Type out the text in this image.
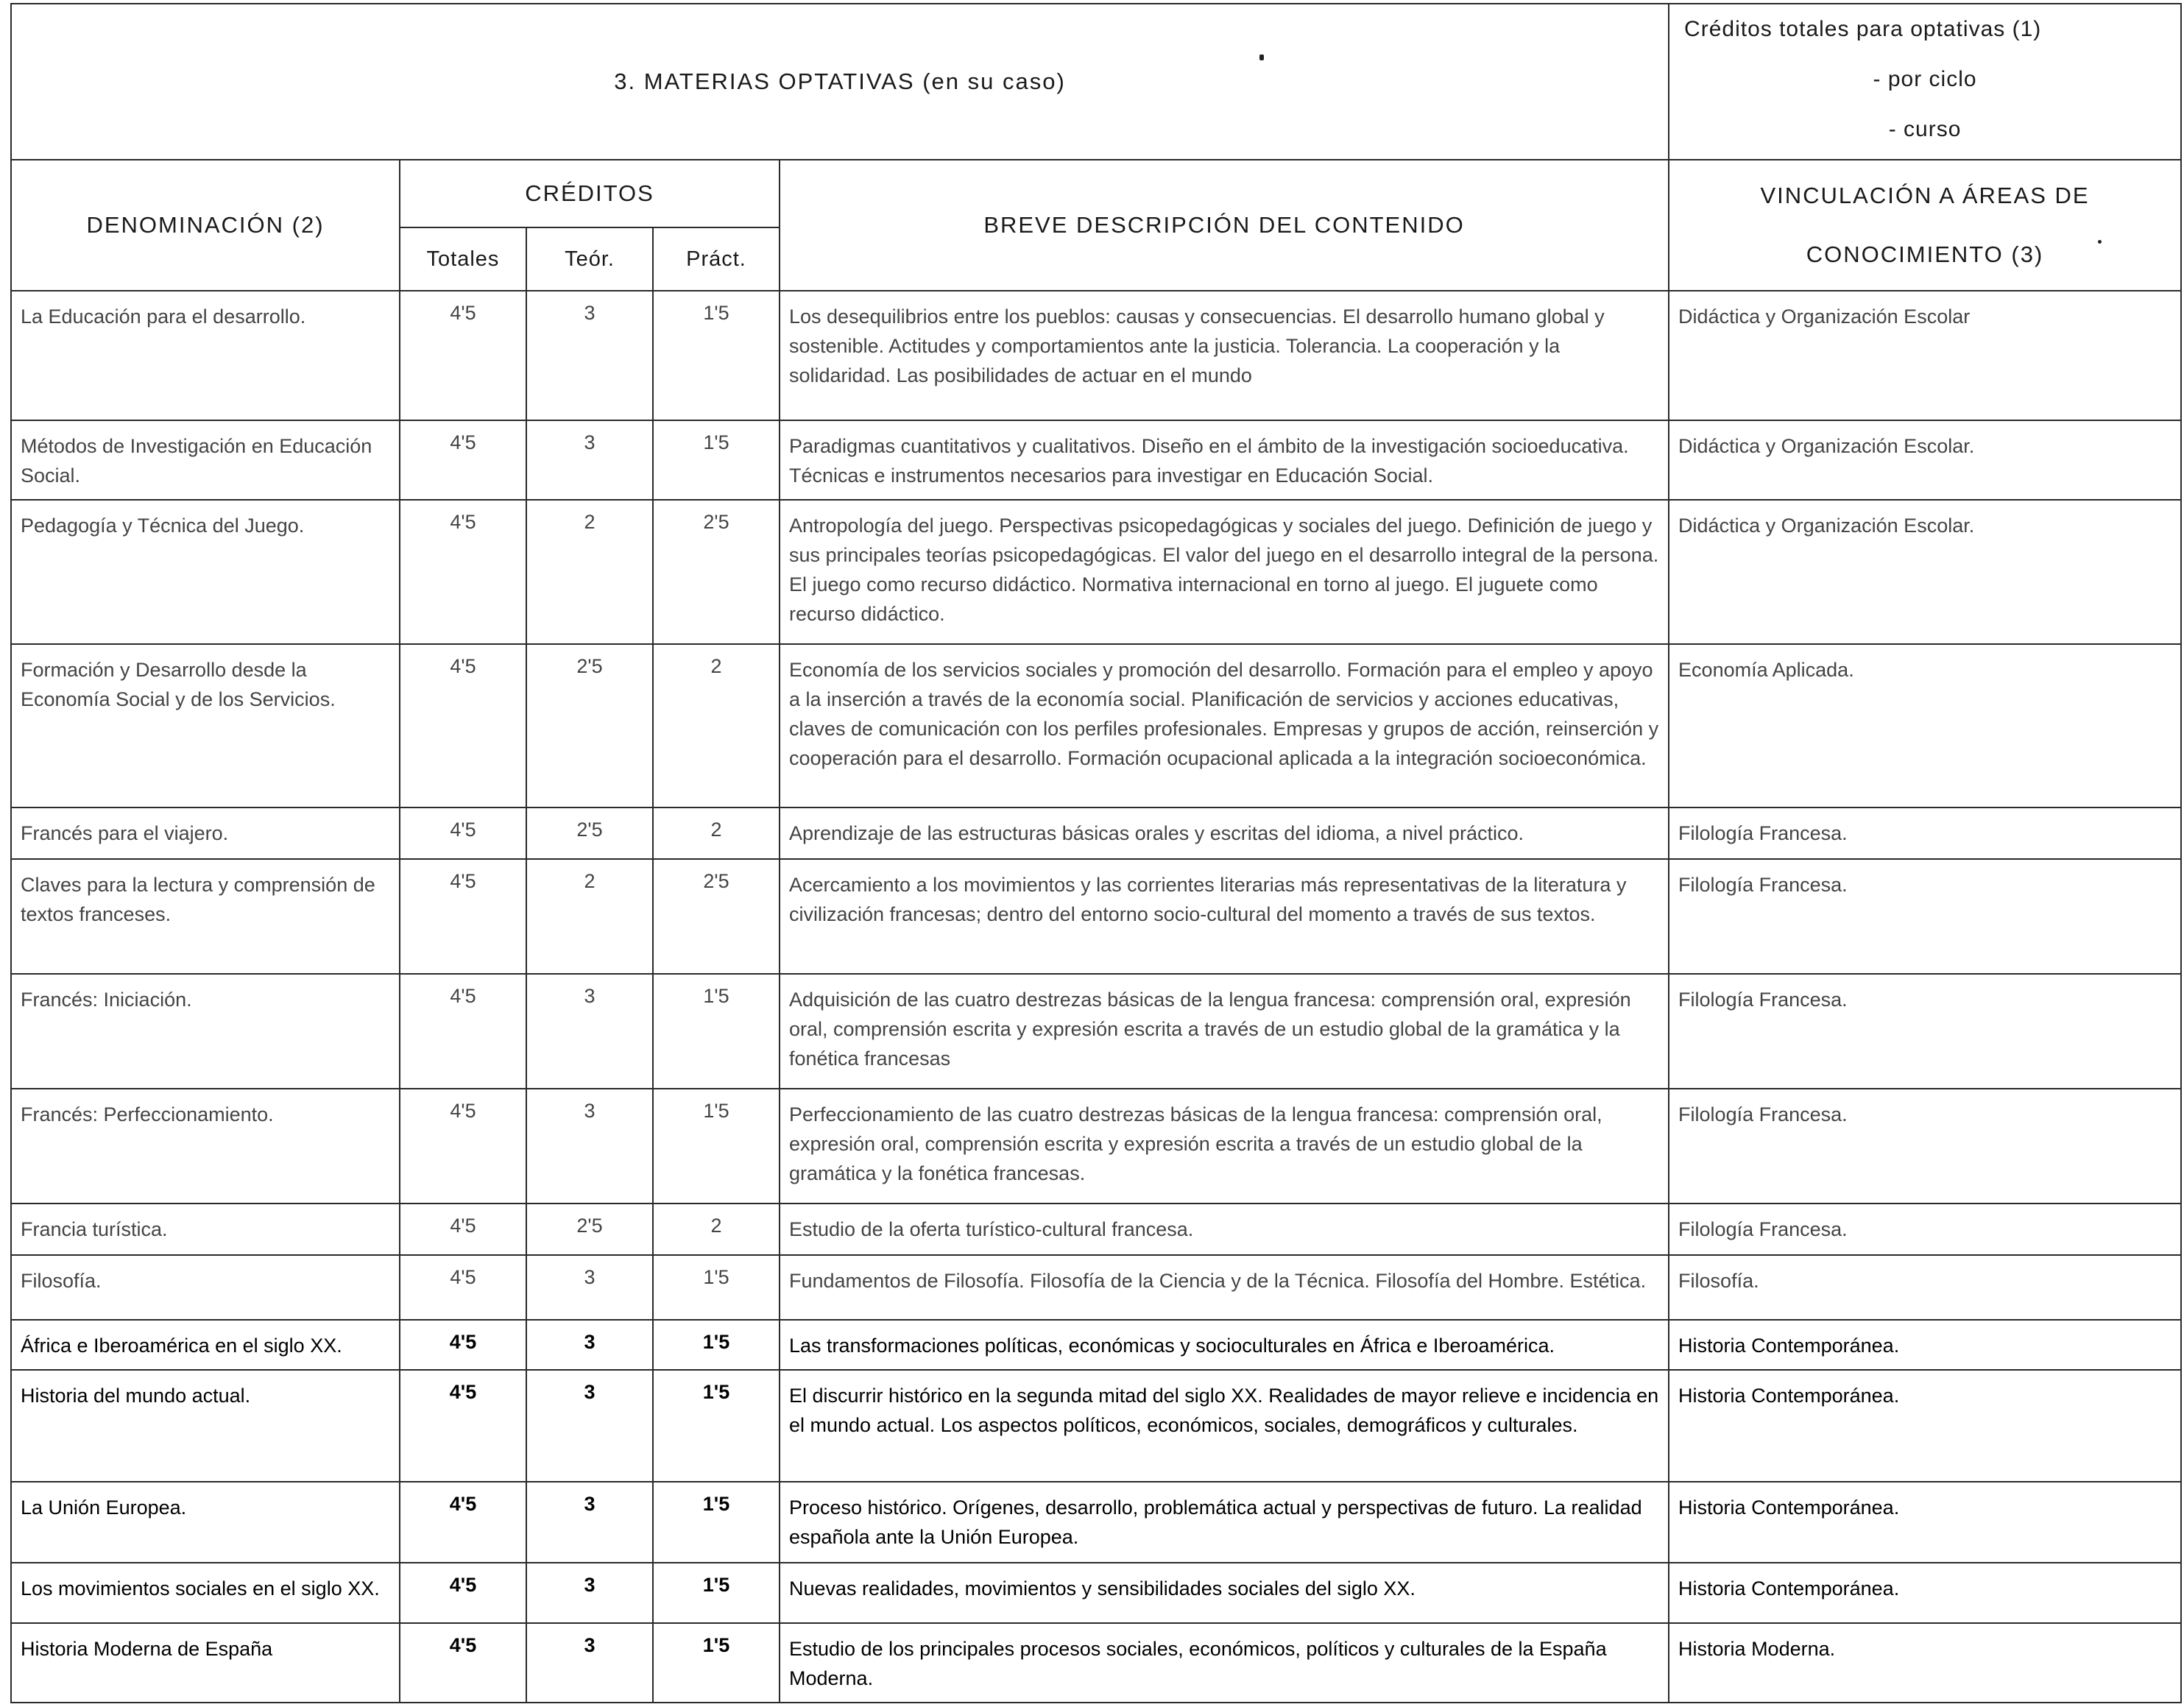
3. MATERIAS OPTATIVAS (en su caso)					Créditos totales para optativas (1)
- por ciclo
- curso

DENOMINACIÓN (2)	CRÉDITOS			BREVE DESCRIPCIÓN DEL CONTENIDO	VINCULACIÓN A ÁREAS DE
CONOCIMIENTO (3)

	Totales	Teór.	Práct.		
La Educación para el desarrollo.	4'5	3	1'5	Los desequilibrios entre los pueblos: causas y consecuencias. El desarrollo humano global y sostenible. Actitudes y comportamientos ante la justicia. Tolerancia. La cooperación y la solidaridad. Las posibilidades de actuar en el mundo	Didáctica y Organización Escolar
Métodos de Investigación en Educación Social.	4'5	3	1'5	Paradigmas cuantitativos y cualitativos. Diseño en el ámbito de la investigación socioeducativa. Técnicas e instrumentos necesarios para investigar en Educación Social.	Didáctica y Organización Escolar.
Pedagogía y Técnica del Juego.	4'5	2	2'5	Antropología del juego. Perspectivas psicopedagógicas y sociales del juego. Definición de juego y sus principales teorías psicopedagógicas. El valor del juego en el desarrollo integral de la persona. El juego como recurso didáctico. Normativa internacional en torno al juego. El juguete como recurso didáctico.	Didáctica y Organización Escolar.
Formación y Desarrollo desde la Economía Social y de los Servicios.	4'5	2'5	2	Economía de los servicios sociales y promoción del desarrollo. Formación para el empleo y apoyo a la inserción a través de la economía social. Planificación de servicios y acciones educativas, claves de comunicación con los perfiles profesionales. Empresas y grupos de acción, reinserción y cooperación para el desarrollo. Formación ocupacional aplicada a la integración socioeconómica.	Economía Aplicada.
Francés para el viajero.	4'5	2'5	2	Aprendizaje de las estructuras básicas orales y escritas del idioma, a nivel práctico.	Filología Francesa.
Claves para la lectura y comprensión de textos franceses.	4'5	2	2'5	Acercamiento a los movimientos y las corrientes literarias más representativas de la literatura y civilización francesas; dentro del entorno socio-cultural del momento a través de sus textos.	Filología Francesa.
Francés: Iniciación.	4'5	3	1'5	Adquisición de las cuatro destrezas básicas de la lengua francesa: comprensión oral, expresión oral, comprensión escrita y expresión escrita a través de un estudio global de la gramática y la fonética francesas	Filología Francesa.
Francés: Perfeccionamiento.	4'5	3	1'5	Perfeccionamiento de las cuatro destrezas básicas de la lengua francesa: comprensión oral, expresión oral, comprensión escrita y expresión escrita a través de un estudio global de la gramática y la fonética francesas.	Filología Francesa.
Francia turística.	4'5	2'5	2	Estudio de la oferta turístico-cultural francesa.	Filología Francesa.
Filosofía.	4'5	3	1'5	Fundamentos de Filosofía. Filosofía de la Ciencia y de la Técnica. Filosofía del Hombre. Estética.	Filosofía.
África e Iberoamérica en el siglo XX.	4'5	3	1'5	Las transformaciones políticas, económicas y socioculturales en África e Iberoamérica.	Historia Contemporánea.
Historia del mundo actual.	4'5	3	1'5	El discurrir histórico en la segunda mitad del siglo XX. Realidades de mayor relieve e incidencia en el mundo actual. Los aspectos políticos, económicos, sociales, demográficos y culturales.	Historia Contemporánea.
La Unión Europea.	4'5	3	1'5	Proceso histórico. Orígenes, desarrollo, problemática actual y perspectivas de futuro. La realidad española ante la Unión Europea.	Historia Contemporánea.
Los movimientos sociales en el siglo XX.	4'5	3	1'5	Nuevas realidades, movimientos y sensibilidades sociales del siglo XX.	Historia Contemporánea.
Historia Moderna de España	4'5	3	1'5	Estudio de los principales procesos sociales, económicos, políticos y culturales de la España Moderna.	Historia Moderna.
